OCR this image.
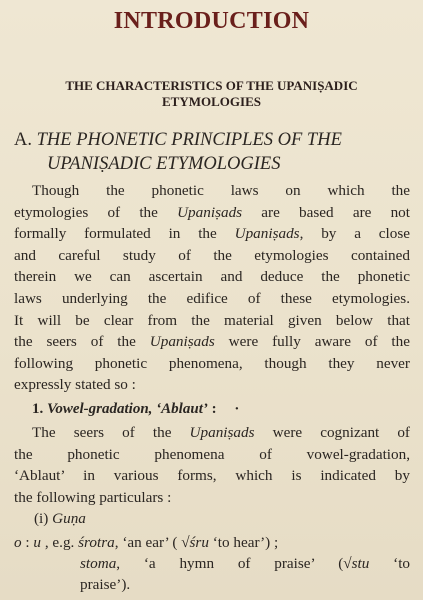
INTRODUCTION
THE CHARACTERISTICS OF THE UPANIṢADIC
ETYMOLOGIES
A. THE PHONETIC PRINCIPLES OF THE
UPANIṢADIC ETYMOLOGIES
Though the phonetic laws on which the
etymologies of the Upaniṣads are based are not
formally formulated in the Upaniṣads, by a close
and careful study of the etymologies contained
therein we can ascertain and deduce the phonetic
laws underlying the edifice of these etymologies.
It will be clear from the material given below that
the seers of the Upaniṣads were fully aware of the
following phonetic phenomena, though they never
expressly stated so :
1. Vowel-gradation, ‘Ablaut’ : ·
The seers of the Upaniṣads were cognizant of
the phonetic phenomena of vowel-gradation,
‘Ablaut’ in various forms, which is indicated by
the following particulars :
(i) Guṇa
o : u , e.g. śrotra, ‘an ear’ ( √śru ‘to hear’) ;
stoma, ‘a hymn of praise’ (√stu ‘to
praise’).
